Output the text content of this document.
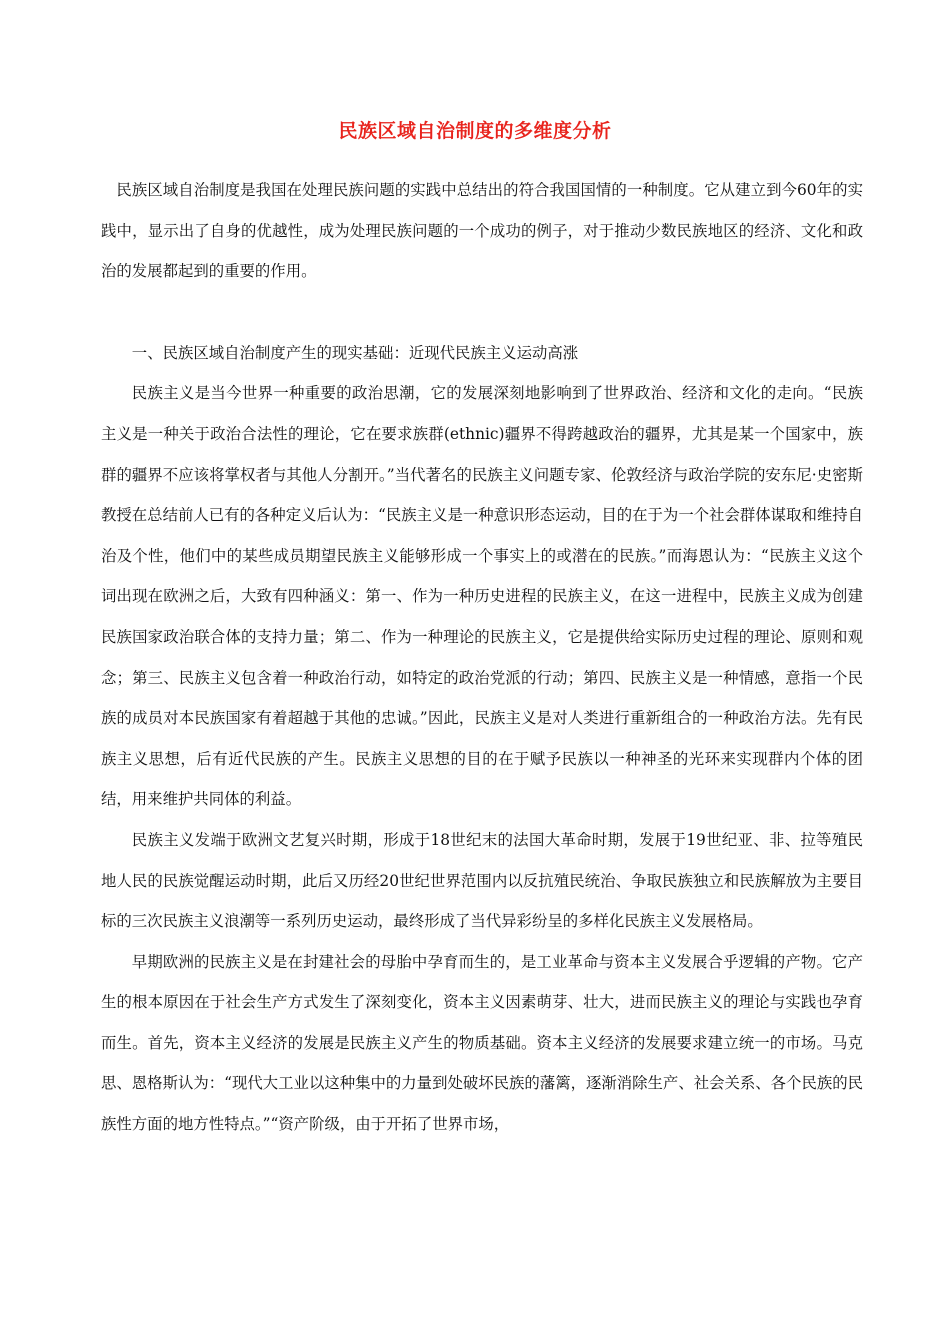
民族区域自治制度的多维度分析

民族区域自治制度是我国在处理民族问题的实践中总结出的符合我国国情的一种制度。它从建立到今60年的实践中，显示出了自身的优越性，成为处理民族问题的一个成功的例子，对于推动少数民族地区的经济、文化和政治的发展都起到的重要的作用。

一、民族区域自治制度产生的现实基础：近现代民族主义运动高涨

民族主义是当今世界一种重要的政治思潮，它的发展深刻地影响到了世界政治、经济和文化的走向。“民族主义是一种关于政治合法性的理论，它在要求族群(ethnic)疆界不得跨越政治的疆界，尤其是某一个国家中，族群的疆界不应该将掌权者与其他人分割开。”当代著名的民族主义问题专家、伦敦经济与政治学院的安东尼·史密斯教授在总结前人已有的各种定义后认为：“民族主义是一种意识形态运动，目的在于为一个社会群体谋取和维持自治及个性，他们中的某些成员期望民族主义能够形成一个事实上的或潜在的民族。”而海恩认为：“民族主义这个词出现在欧洲之后，大致有四种涵义：第一、作为一种历史进程的民族主义，在这一进程中，民族主义成为创建民族国家政治联合体的支持力量；第二、作为一种理论的民族主义，它是提供给实际历史过程的理论、原则和观念；第三、民族主义包含着一种政治行动，如特定的政治党派的行动；第四、民族主义是一种情感，意指一个民族的成员对本民族国家有着超越于其他的忠诚。”因此，民族主义是对人类进行重新组合的一种政治方法。先有民族主义思想，后有近代民族的产生。民族主义思想的目的在于赋予民族以一种神圣的光环来实现群内个体的团结，用来维护共同体的利益。

民族主义发端于欧洲文艺复兴时期，形成于18世纪末的法国大革命时期，发展于19世纪亚、非、拉等殖民地人民的民族觉醒运动时期，此后又历经20世纪世界范围内以反抗殖民统治、争取民族独立和民族解放为主要目标的三次民族主义浪潮等一系列历史运动，最终形成了当代异彩纷呈的多样化民族主义发展格局。

早期欧洲的民族主义是在封建社会的母胎中孕育而生的，是工业革命与资本主义发展合乎逻辑的产物。它产生的根本原因在于社会生产方式发生了深刻变化，资本主义因素萌芽、壮大，进而民族主义的理论与实践也孕育而生。首先，资本主义经济的发展是民族主义产生的物质基础。资本主义经济的发展要求建立统一的市场。马克思、恩格斯认为：“现代大工业以这种集中的力量到处破坏民族的藩篱，逐渐消除生产、社会关系、各个民族的民族性方面的地方性特点。”“资产阶级，由于开拓了世界市场，
